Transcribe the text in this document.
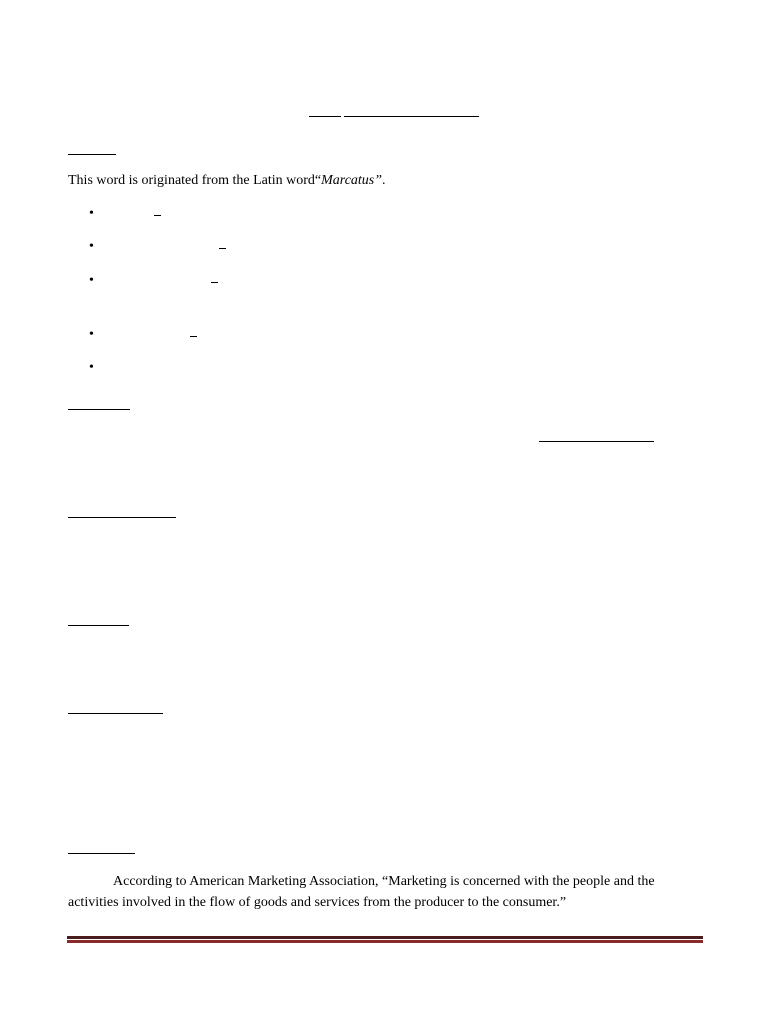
This word is originated from the Latin word“Marcatus”.
•
•
•
•
•
According to American Marketing Association, “Marketing is concerned with the people and the activities involved in the flow of goods and services from the producer to the consumer.”
